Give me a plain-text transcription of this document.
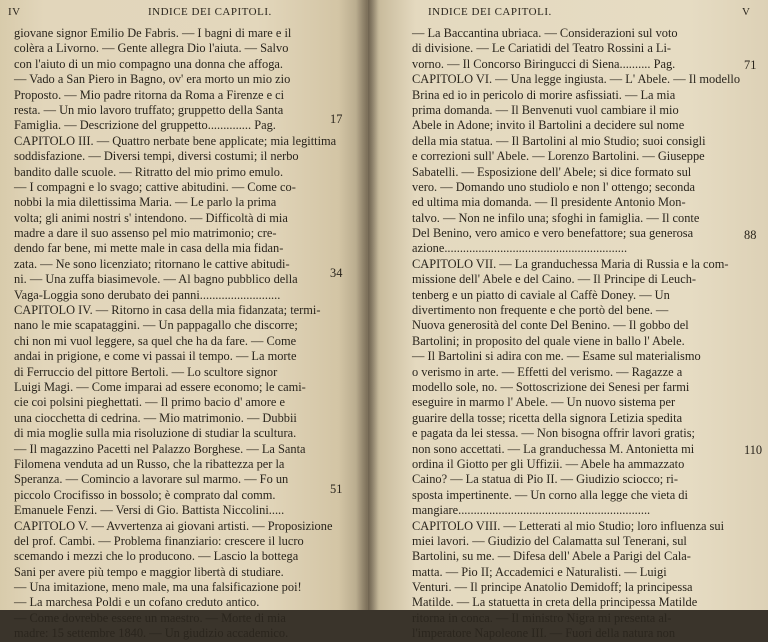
IV	INDICE DEI CAPITOLI.
giovane signor Emilio De Fabris. — I bagni di mare e il
colèra a Livorno. — Gente allegra Dio l'aiuta. — Salvo
con l'aiuto di un mio compagno una donna che affoga.
— Vado a San Piero in Bagno, ov' era morto un mio zio
Proposto. — Mio padre ritorna da Roma a Firenze e ci
resta. — Un mio lavoro truffato; gruppetto della Santa
Famiglia. — Descrizione del gruppetto.............. Pag.
CAPITOLO III. — Quattro nerbate bene applicate; mia legittima
soddisfazione. — Diversi tempi, diversi costumi; il nerbo
bandito dalle scuole. — Ritratto del mio primo emulo.
— I compagni e lo svago; cattive abitudini. — Come co-
nobbi la mia dilettissima Maria. — Le parlo la prima
volta; gli animi nostri s' intendono. — Difficoltà di mia
madre a dare il suo assenso pel mio matrimonio; cre-
dendo far bene, mi mette male in casa della mia fidan-
zata. — Ne sono licenziato; ritornano le cattive abitudi-
ni. — Una zuffa biasimevole. — Al bagno pubblico della
Vaga-Loggia sono derubato dei panni..........................
CAPITOLO IV. — Ritorno in casa della mia fidanzata; termi-
nano le mie scapataggini. — Un pappagallo che discorre;
chi non mi vuol leggere, sa quel che ha da fare. — Come
andai in prigione, e come vi passai il tempo. — La morte
di Ferruccio del pittore Bertoli. — Lo scultore signor
Luigi Magi. — Come imparai ad essere economo; le cami-
cie coi polsini pieghettati. — Il primo bacio d' amore e
una ciocchetta di cedrina. — Mio matrimonio. — Dubbii
di mia moglie sulla mia risoluzione di studiar la scultura.
— Il magazzino Pacetti nel Palazzo Borghese. — La Santa
Filomena venduta ad un Russo, che la ribattezza per la
Speranza. — Comincio a lavorare sul marmo. — Fo un
piccolo Crocifisso in bossolo; è comprato dal comm.
Emanuele Fenzi. — Versi di Gio. Battista Niccolini.....
CAPITOLO V. — Avvertenza ai giovani artisti. — Proposizione
del prof. Cambi. — Problema finanziario: crescere il lucro
scemando i mezzi che lo producono. — Lascio la bottega
Sani per avere più tempo e maggior libertà di studiare.
— Una imitazione, meno male, ma una falsificazione poi!
— La marchesa Poldi e un cofano creduto antico.
— Come dovrebbe essere un maestro. — Morte di mia
madre: 15 settembre 1840. — Un giudizio accademico.
17
34
51
INDICE DEI CAPITOLI.	V
— La Baccantina ubriaca. — Considerazioni sul voto
di divisione. — Le Cariatidi del Teatro Rossini a Li-
vorno. — Il Concorso Biringucci di Siena.......... Pag.
CAPITOLO VI. — Una legge ingiusta. — L' Abele. — Il modello
Brina ed io in pericolo di morire asfissiati. — La mia
prima domanda. — Il Benvenuti vuol cambiare il mio
Abele in Adone; invito il Bartolini a decidere sul nome
della mia statua. — Il Bartolini al mio Studio; suoi consigli
e correzioni sull' Abele. — Lorenzo Bartolini. — Giuseppe
Sabatelli. — Esposizione dell' Abele; si dice formato sul
vero. — Domando uno studiolo e non l' ottengo; seconda
ed ultima mia domanda. — Il presidente Antonio Mon-
talvo. — Non ne infilo una; sfoghi in famiglia. — Il conte
Del Benino, vero amico e vero benefattore; sua generosa
azione...........................................................
CAPITOLO VII. — La granduchessa Maria di Russia e la com-
missione dell' Abele e del Caino. — Il Principe di Leuch-
tenberg e un piatto di caviale al Caffè Doney. — Un
divertimento non frequente e che portò del bene. —
Nuova generosità del conte Del Benino. — Il gobbo del
Bartolini; in proposito del quale viene in ballo l' Abele.
— Il Bartolini si adira con me. — Esame sul materialismo
o verismo in arte. — Effetti del verismo. — Ragazze a
modello sole, no. — Sottoscrizione dei Senesi per farmi
eseguire in marmo l' Abele. — Un nuovo sistema per
guarire della tosse; ricetta della signora Letizia spedita
e pagata da lei stessa. — Non bisogna offrir lavori gratis;
non sono accettati. — La granduchessa M. Antonietta mi
ordina il Giotto per gli Uffizii. — Abele ha ammazzato
Caino? — La statua di Pio II. — Giudizio sciocco; ri-
sposta impertinente. — Un corno alla legge che vieta di
mangiare..............................................................
CAPITOLO VIII. — Letterati al mio Studio; loro influenza sui
miei lavori. — Giudizio del Calamatta sul Tenerani, sul
Bartolini, su me. — Difesa dell' Abele a Parigi del Cala-
matta. — Pio II; Accademici e Naturalisti. — Luigi
Venturi. — Il principe Anatolio Demidoff; la principessa
Matilde. — La statuetta in creta della principessa Matilde
ritorna in conca. — Il ministro Nigra mi presenta al-
l'imperatore Napoleone III. — Fuori della natura non
71
88
110
